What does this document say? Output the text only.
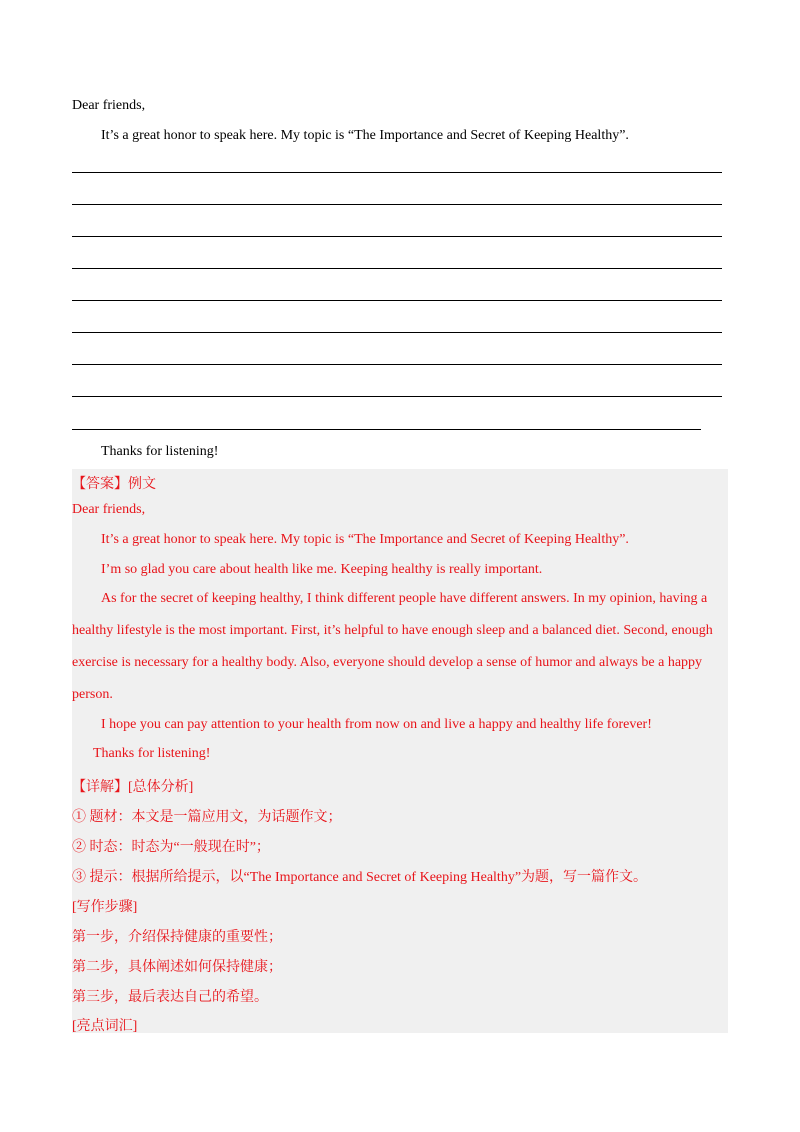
Dear friends,
It’s a great honor to speak here. My topic is “The Importance and Secret of Keeping Healthy”.
Thanks for listening!
【答案】例文
Dear friends,
It’s a great honor to speak here. My topic is “The Importance and Secret of Keeping Healthy”.
I’m so glad you care about health like me. Keeping healthy is really important.
As for the secret of keeping healthy, I think different people have different answers. In my opinion, having a
healthy lifestyle is the most important. First, it’s helpful to have enough sleep and a balanced diet. Second, enough
exercise is necessary for a healthy body. Also, everyone should develop a sense of humor and always be a happy
person.
I hope you can pay attention to your health from now on and live a happy and healthy life forever!
Thanks for listening!
【详解】[总体分析]
① 题材：本文是一篇应用文，为话题作文；
② 时态：时态为“一般现在时”；
③ 提示：根据所给提示，以“The Importance and Secret of Keeping Healthy”为题，写一篇作文。
[写作步骤]
第一步，介绍保持健康的重要性；
第二步，具体阐述如何保持健康；
第三步，最后表达自己的希望。
[亮点词汇]
